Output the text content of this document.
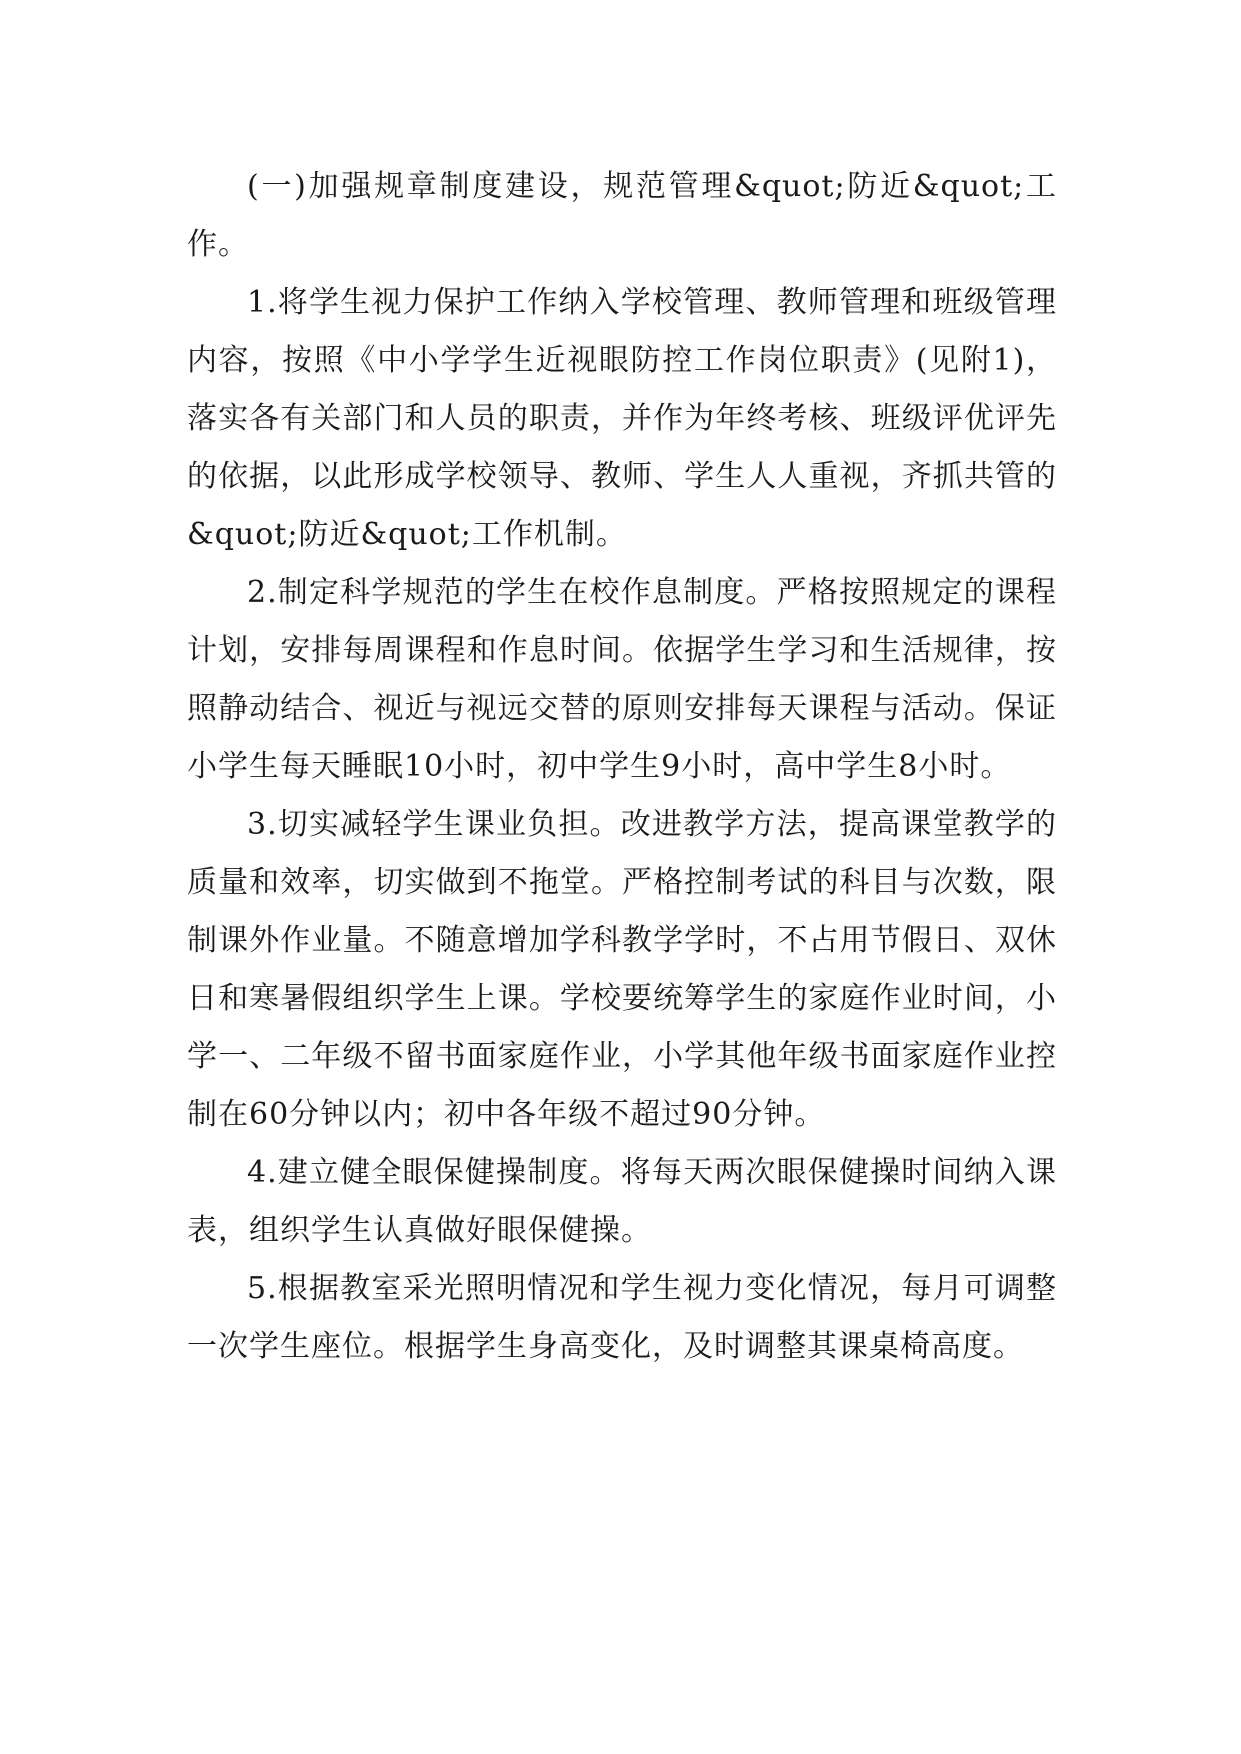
(一)加强规章制度建设，规范管理&quot;防近&quot;工作。

1.将学生视力保护工作纳入学校管理、教师管理和班级管理内容，按照《中小学学生近视眼防控工作岗位职责》(见附1)，落实各有关部门和人员的职责，并作为年终考核、班级评优评先的依据，以此形成学校领导、教师、学生人人重视，齐抓共管的&quot;防近&quot;工作机制。

2.制定科学规范的学生在校作息制度。严格按照规定的课程计划，安排每周课程和作息时间。依据学生学习和生活规律，按照静动结合、视近与视远交替的原则安排每天课程与活动。保证小学生每天睡眠10小时，初中学生9小时，高中学生8小时。

3.切实减轻学生课业负担。改进教学方法，提高课堂教学的质量和效率，切实做到不拖堂。严格控制考试的科目与次数，限制课外作业量。不随意增加学科教学学时，不占用节假日、双休日和寒暑假组织学生上课。学校要统筹学生的家庭作业时间，小学一、二年级不留书面家庭作业，小学其他年级书面家庭作业控制在60分钟以内；初中各年级不超过90分钟。

4.建立健全眼保健操制度。将每天两次眼保健操时间纳入课表，组织学生认真做好眼保健操。

5.根据教室采光照明情况和学生视力变化情况，每月可调整一次学生座位。根据学生身高变化，及时调整其课桌椅高度。
